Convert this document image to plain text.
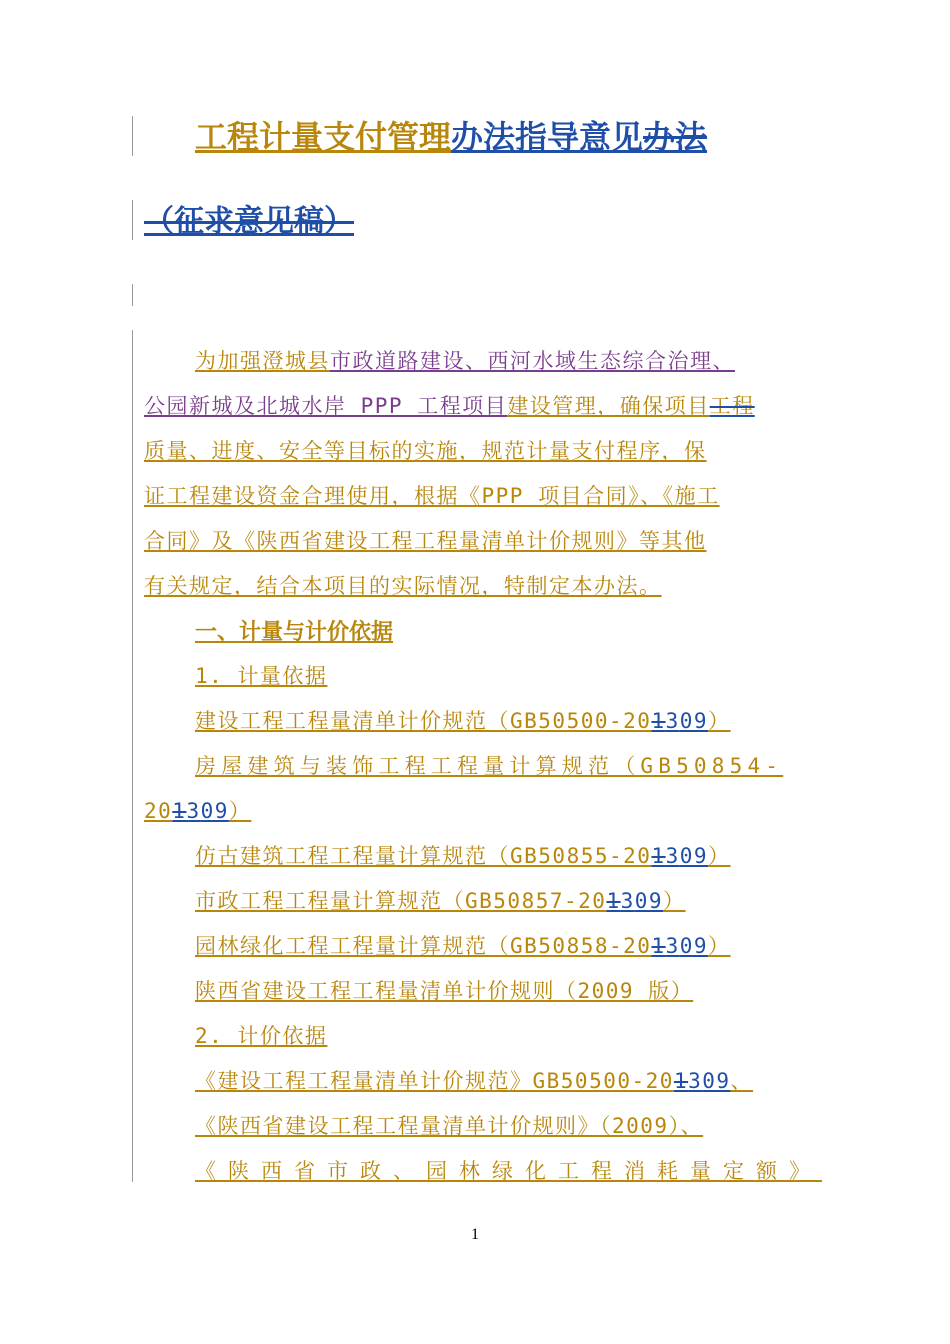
工程计量支付管理办法指导意见办法
（征求意见稿）
为加强澄城县市政道路建设、西河水域生态综合治理、
公园新城及北城水岸 PPP 工程项目建设管理，确保项目工程
质量、进度、安全等目标的实施，规范计量支付程序，保
证工程建设资金合理使用，根据《PPP 项目合同》、《施工
合同》及《陕西省建设工程工程量清单计价规则》等其他
有关规定，结合本项目的实际情况，特制定本办法。
一、计量与计价依据
1. 计量依据
建设工程工程量清单计价规范（GB50500-201309）
房屋建筑与装饰工程工程量计算规范（GB50854-
201309）
仿古建筑工程工程量计算规范（GB50855-201309）
市政工程工程量计算规范（GB50857-201309）
园林绿化工程工程量计算规范（GB50858-201309）
陕西省建设工程工程量清单计价规则（2009 版）
2. 计价依据
《建设工程工程量清单计价规范》GB50500-201309、
《陕西省建设工程工程量清单计价规则》（2009）、
《陕西省市政、园林绿化工程消耗量定额》
1
